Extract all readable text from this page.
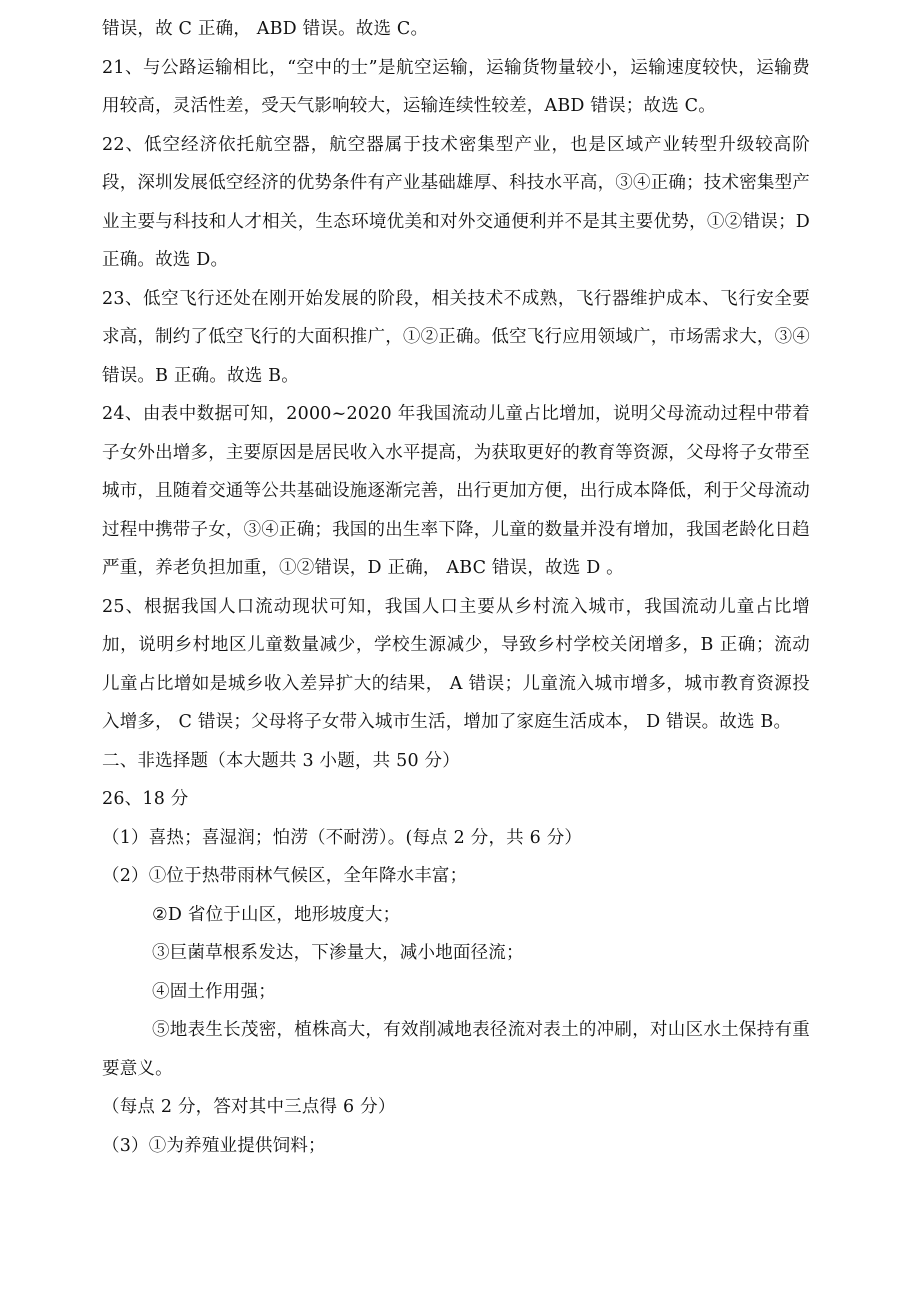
错误，故 C 正确， ABD 错误。故选 C。

21、与公路运输相比，“空中的士”是航空运输，运输货物量较小，运输速度较快，运输费用较高，灵活性差，受天气影响较大，运输连续性较差，ABD 错误；故选 C。

22、低空经济依托航空器，航空器属于技术密集型产业，也是区域产业转型升级较高阶段，深圳发展低空经济的优势条件有产业基础雄厚、科技水平高，③④正确；技术密集型产业主要与科技和人才相关，生态环境优美和对外交通便利并不是其主要优势，①②错误；D 正确。故选 D。

23、低空飞行还处在刚开始发展的阶段，相关技术不成熟，飞行器维护成本、飞行安全要求高，制约了低空飞行的大面积推广，①②正确。低空飞行应用领域广，市场需求大，③④错误。B 正确。故选 B。

24、由表中数据可知，2000~2020 年我国流动儿童占比增加，说明父母流动过程中带着子女外出增多，主要原因是居民收入水平提高，为获取更好的教育等资源，父母将子女带至城市，且随着交通等公共基础设施逐渐完善，出行更加方便，出行成本降低，利于父母流动过程中携带子女，③④正确；我国的出生率下降，儿童的数量并没有增加，我国老龄化日趋严重，养老负担加重，①②错误，D 正确， ABC 错误，故选 D 。

25、根据我国人口流动现状可知，我国人口主要从乡村流入城市，我国流动儿童占比增加，说明乡村地区儿童数量减少，学校生源减少，导致乡村学校关闭增多，B 正确；流动儿童占比增如是城乡收入差异扩大的结果， A 错误；儿童流入城市增多，城市教育资源投入增多， C 错误；父母将子女带入城市生活，增加了家庭生活成本， D 错误。故选 B。

二、非选择题（本大题共 3 小题，共 50 分）

26、18 分

（1）喜热；喜湿润；怕涝（不耐涝）。(每点 2 分，共 6 分）

（2）①位于热带雨林气候区，全年降水丰富；

②D 省位于山区，地形坡度大；

③巨菌草根系发达，下渗量大，减小地面径流；

④固土作用强；

⑤地表生长茂密，植株高大，有效削减地表径流对表土的冲刷，对山区水土保持有重要意义。

（每点 2 分，答对其中三点得 6 分）

（3）①为养殖业提供饲料；
